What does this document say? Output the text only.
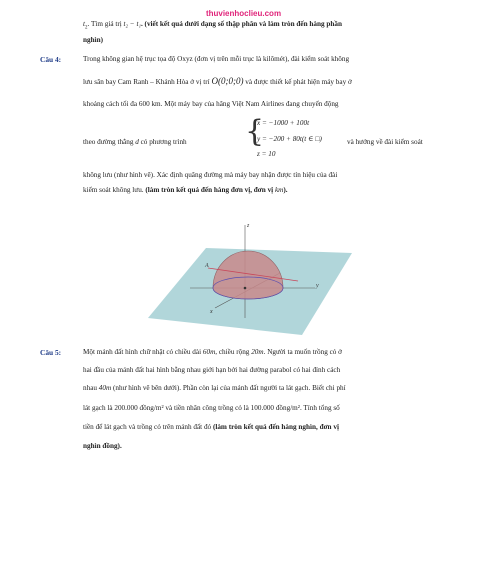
thuvienhoclieu.com
$t_2$. Tìm giá trị t₂ − t₁. (viết kết quả dưới dạng số thập phân và làm tròn đến hàng phần
nghìn)
Câu 4:	Trong không gian hệ trục tọa độ Oxyz (đơn vị trên mỗi trục là kilômét), đài kiểm soát không
lưu sân bay Cam Ranh – Khánh Hòa ở vị trí O(0;0;0) và được thiết kế phát hiện máy bay ở
khoảng cách tối đa 600 km. Một máy bay của hãng Việt Nam Airlines đang chuyển động
theo đường thẳng d có phương trình {
x = −1000 + 100t
y = −200 + 80t(t ∈ □)
z = 10
và hướng về đài kiểm soát
không lưu (như hình vẽ). Xác định quãng đường mà máy bay nhận được tín hiệu của đài
kiểm soát không lưu. (làm tròn kết quả đến hàng đơn vị, đơn vị km).
z
y
x
A
Câu 5:	Một mảnh đất hình chữ nhật có chiều dài 60m, chiều rộng 20m. Người ta muốn trồng cỏ ở
hai đầu của mảnh đất hai hình bằng nhau giới hạn bởi hai đường parabol có hai đỉnh cách
nhau 40m (như hình vẽ bên dưới). Phần còn lại của mảnh đất người ta lát gạch. Biết chi phí
lát gạch là 200.000 đồng/m² và tiền nhân công trồng cỏ là 100.000 đồng/m². Tính tổng số
tiền để lát gạch và trồng cỏ trên mảnh đất đó (làm tròn kết quả đến hàng nghìn, đơn vị
nghìn đồng).
